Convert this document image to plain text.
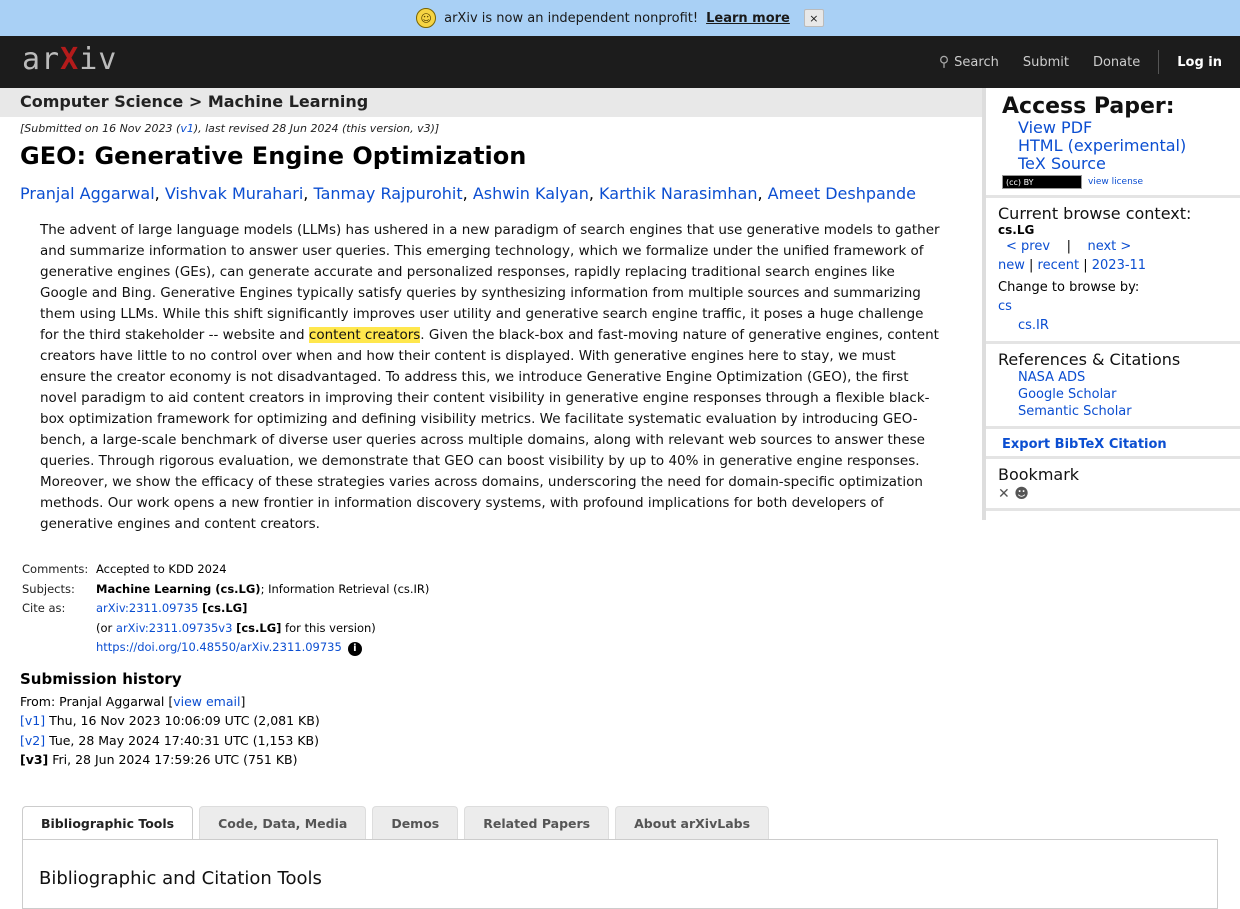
☺ arXiv is now an independent nonprofit! Learn more	×
arXiv	⚲ Search Submit Donate	Log in
Computer Science > Machine Learning
[Submitted on 16 Nov 2023 (v1), last revised 28 Jun 2024 (this version, v3)]
GEO: Generative Engine Optimization
Pranjal Aggarwal, Vishvak Murahari, Tanmay Rajpurohit, Ashwin Kalyan, Karthik Narasimhan, Ameet Deshpande
The advent of large language models (LLMs) has ushered in a new paradigm of search engines that use generative models to gather and summarize information to answer user queries. This emerging technology, which we formalize under the unified framework of generative engines (GEs), can generate accurate and personalized responses, rapidly replacing traditional search engines like Google and Bing. Generative Engines typically satisfy queries by synthesizing information from multiple sources and summarizing them using LLMs. While this shift significantly improves user utility and generative search engine traffic, it poses a huge challenge for the third stakeholder -- website and content creators. Given the black-box and fast-moving nature of generative engines, content creators have little to no control over when and how their content is displayed. With generative engines here to stay, we must ensure the creator economy is not disadvantaged. To address this, we introduce Generative Engine Optimization (GEO), the first novel paradigm to aid content creators in improving their content visibility in generative engine responses through a flexible black-box optimization framework for optimizing and defining visibility metrics. We facilitate systematic evaluation by introducing GEO-bench, a large-scale benchmark of diverse user queries across multiple domains, along with relevant web sources to answer these queries. Through rigorous evaluation, we demonstrate that GEO can boost visibility by up to 40% in generative engine responses. Moreover, we show the efficacy of these strategies varies across domains, underscoring the need for domain-specific optimization methods. Our work opens a new frontier in information discovery systems, with profound implications for both developers of generative engines and content creators.
Comments:	Accepted to KDD 2024
Subjects:	Machine Learning (cs.LG); Information Retrieval (cs.IR)
Cite as:	arXiv:2311.09735 [cs.LG]
	(or arXiv:2311.09735v3 [cs.LG] for this version)
	https://doi.org/10.48550/arXiv.2311.09735 i
Submission history
From: Pranjal Aggarwal [view email]
[v1] Thu, 16 Nov 2023 10:06:09 UTC (2,081 KB)
[v2] Tue, 28 May 2024 17:40:31 UTC (1,153 KB)
[v3] Fri, 28 Jun 2024 17:59:26 UTC (751 KB)
Bibliographic Tools	Code, Data, Media	Demos	Related Papers	About arXivLabs
Bibliographic and Citation Tools
Access Paper:
View PDF
HTML (experimental)
TeX Source
(cc) BY	view license
Current browse context:
cs.LG
< prev | next >
new | recent | 2023-11
Change to browse by:
cs
cs.IR
References & Citations
NASA ADS
Google Scholar
Semantic Scholar
Export BibTeX Citation
Bookmark
✕ ☻
